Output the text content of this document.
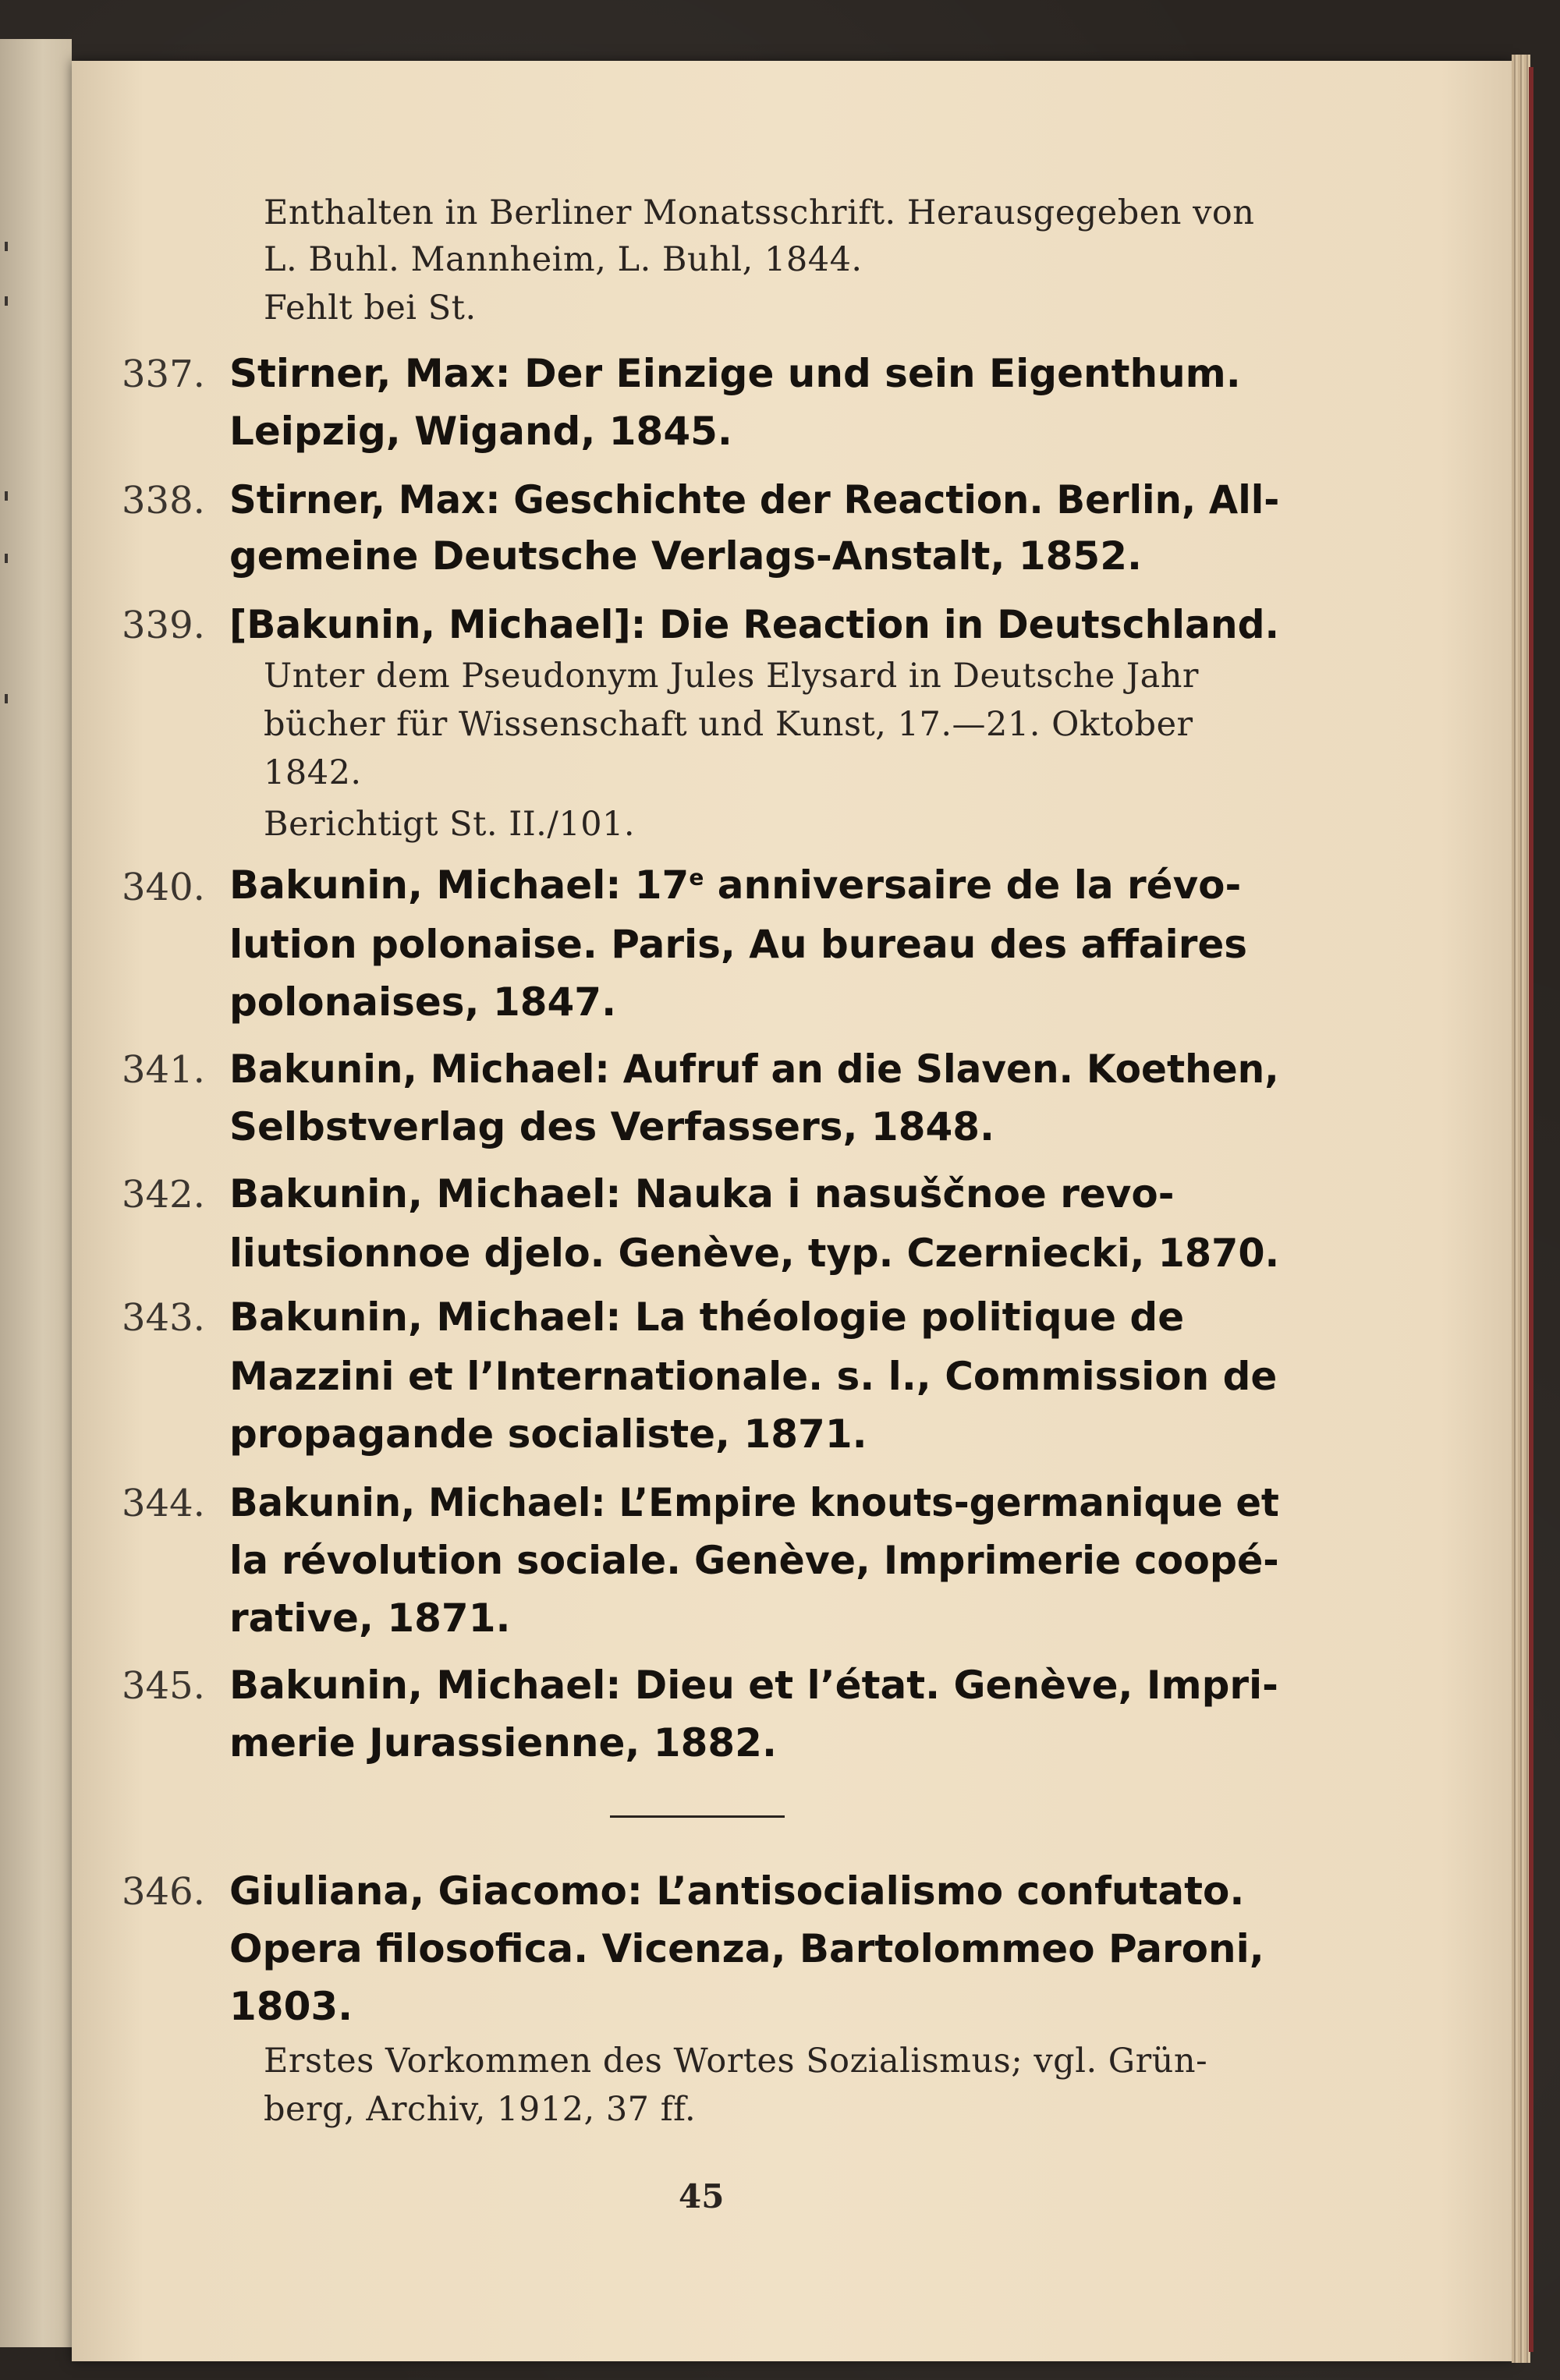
Enthalten in Berliner Monatsschrift. Herausgegeben von
L. Buhl. Mannheim, L. Buhl, 1844.
Fehlt bei St.
337. Stirner, Max: Der Einzige und sein Eigenthum.
Leipzig, Wigand, 1845.
338. Stirner, Max: Geschichte der Reaction. Berlin, All-
gemeine Deutsche Verlags-Anstalt, 1852.
339. [Bakunin, Michael]: Die Reaction in Deutschland.
Unter dem Pseudonym Jules Elysard in Deutsche Jahr
bücher für Wissenschaft und Kunst, 17.—21. Oktober
1842.
Berichtigt St. II./101.
340. Bakunin, Michael: 17e anniversaire de la révo-
lution polonaise. Paris, Au bureau des affaires
polonaises, 1847.
341. Bakunin, Michael: Aufruf an die Slaven. Koethen,
Selbstverlag des Verfassers, 1848.
342. Bakunin, Michael: Nauka i nasuščnoe revo-
liutsionnoe djelo. Genève, typ. Czerniecki, 1870.
343. Bakunin, Michael: La théologie politique de
Mazzini et l’Internationale. s. l., Commission de
propagande socialiste, 1871.
344. Bakunin, Michael: L’Empire knouts-germanique et
la révolution sociale. Genève, Imprimerie coopé-
rative, 1871.
345. Bakunin, Michael: Dieu et l’état. Genève, Impri-
merie Jurassienne, 1882.
346. Giuliana, Giacomo: L’antisocialismo confutato.
Opera filosofica. Vicenza, Bartolommeo Paroni,
1803.
Erstes Vorkommen des Wortes Sozialismus; vgl. Grün-
berg, Archiv, 1912, 37 ff.
45
